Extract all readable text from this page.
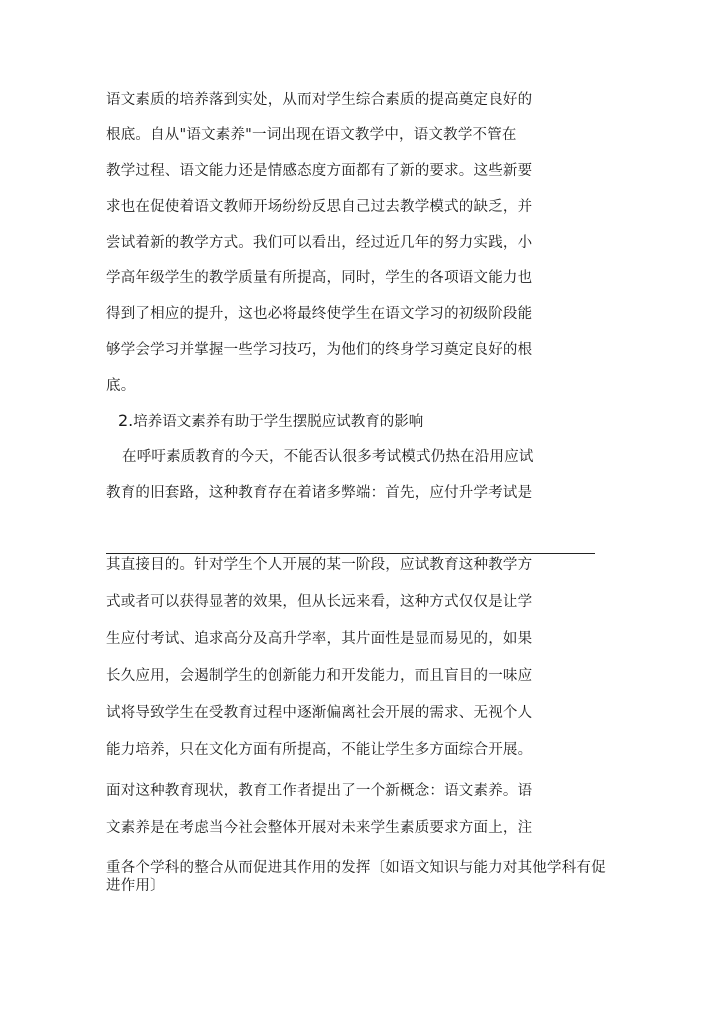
语文素质的培养落到实处，从而对学生综合素质的提高奠定良好的
根底。自从"语文素养"一词出现在语文教学中，语文教学不管在
教学过程、语文能力还是情感态度方面都有了新的要求。这些新要
求也在促使着语文教师开场纷纷反思自己过去教学模式的缺乏，并
尝试着新的教学方式。我们可以看出，经过近几年的努力实践，小
学高年级学生的教学质量有所提高，同时，学生的各项语文能力也
得到了相应的提升，这也必将最终使学生在语文学习的初级阶段能
够学会学习并掌握一些学习技巧，为他们的终身学习奠定良好的根
底。
2.培养语文素养有助于学生摆脱应试教育的影响
在呼吁素质教育的今天，不能否认很多考试模式仍热在沿用应试
教育的旧套路，这种教育存在着诸多弊端：首先，应付升学考试是
其直接目的。针对学生个人开展的某一阶段，应试教育这种教学方
式或者可以获得显著的效果，但从长远来看，这种方式仅仅是让学
生应付考试、追求高分及高升学率，其片面性是显而易见的，如果
长久应用，会遏制学生的创新能力和开发能力，而且盲目的一味应
试将导致学生在受教育过程中逐渐偏离社会开展的需求、无视个人
能力培养，只在文化方面有所提高，不能让学生多方面综合开展。
面对这种教育现状，教育工作者提出了一个新概念：语文素养。语
文素养是在考虑当今社会整体开展对未来学生素质要求方面上，注
重各个学科的整合从而促进其作用的发挥〔如语文知识与能力对其他学科有促
进作用〕
